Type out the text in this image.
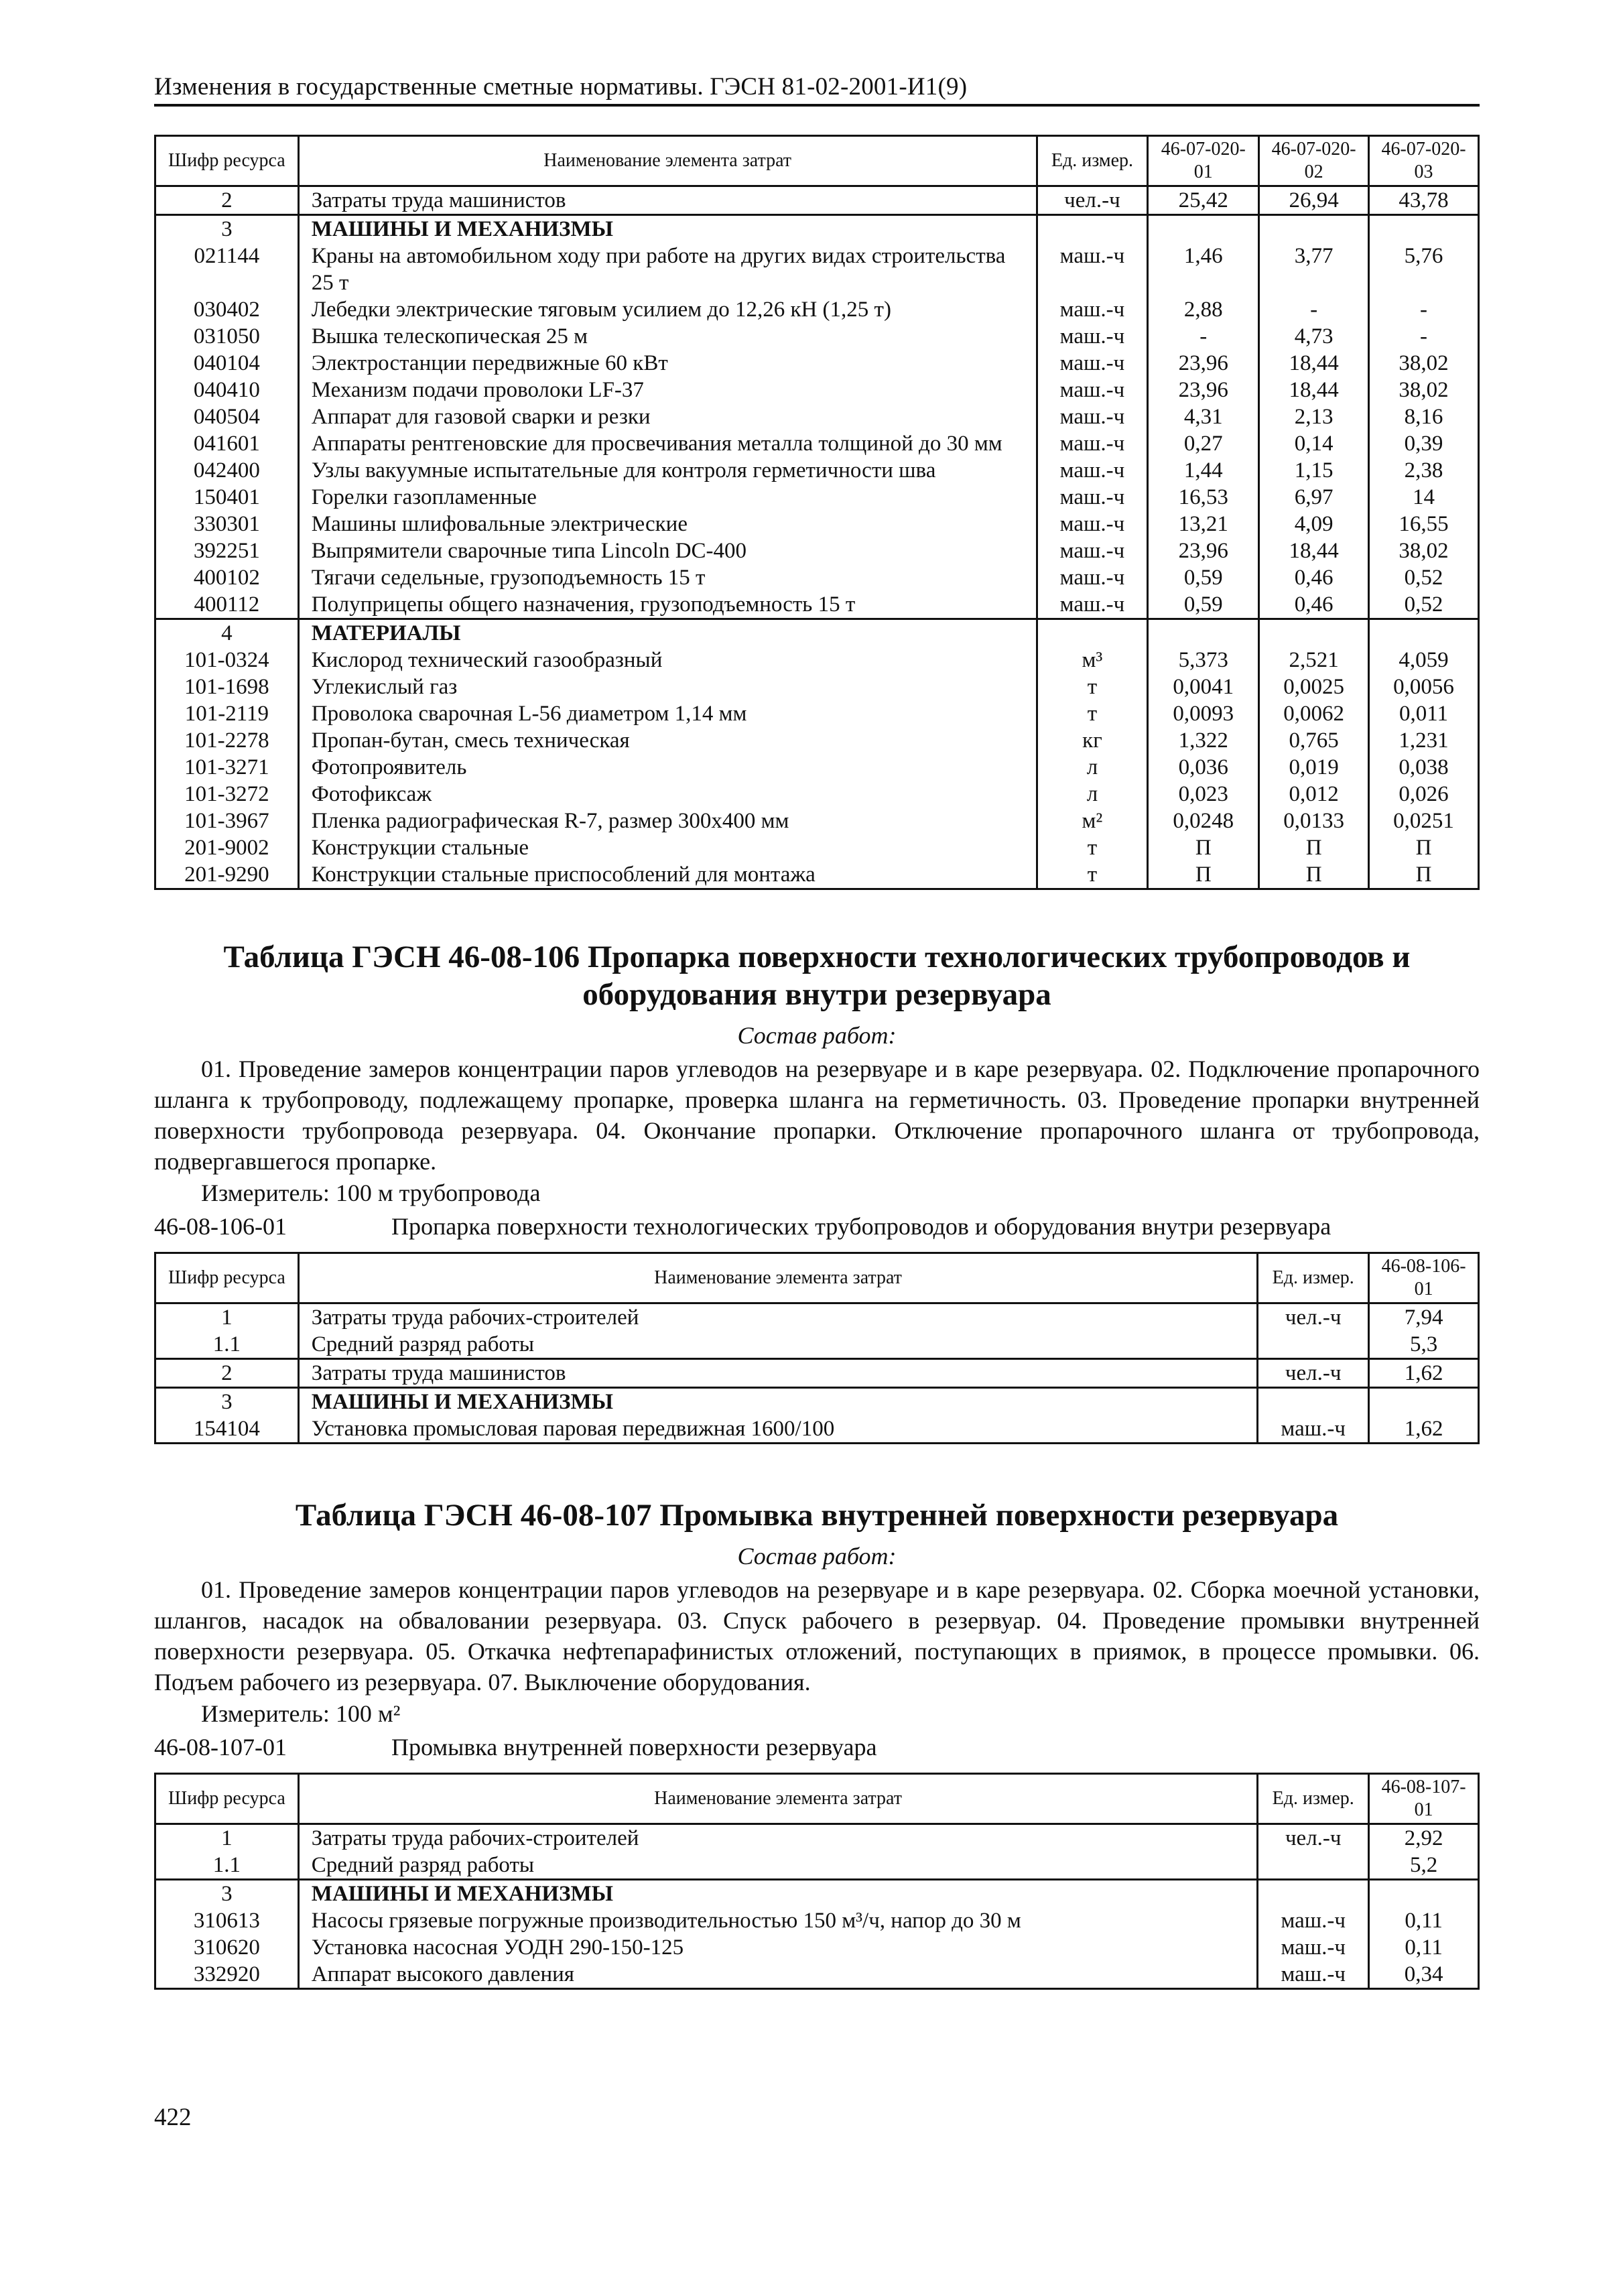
Изменения в государственные сметные нормативы. ГЭСН 81-02-2001-И1(9)
Шифр ресурса	Наименование элемента затрат	Ед. измер.	46-07-020-01	46-07-020-02	46-07-020-03
2	Затраты труда машинистов	чел.-ч	25,42	26,94	43,78
3	МАШИНЫ И МЕХАНИЗМЫ				
021144	Краны на автомобильном ходу при работе на других видах строительства 25 т	маш.-ч	1,46	3,77	5,76
030402	Лебедки электрические тяговым усилием до 12,26 кН (1,25 т)	маш.-ч	2,88	-	-
031050	Вышка телескопическая 25 м	маш.-ч	-	4,73	-
040104	Электростанции передвижные 60 кВт	маш.-ч	23,96	18,44	38,02
040410	Механизм подачи проволоки LF-37	маш.-ч	23,96	18,44	38,02
040504	Аппарат для газовой сварки и резки	маш.-ч	4,31	2,13	8,16
041601	Аппараты рентгеновские для просвечивания металла толщиной до 30 мм	маш.-ч	0,27	0,14	0,39
042400	Узлы вакуумные испытательные для контроля герметичности шва	маш.-ч	1,44	1,15	2,38
150401	Горелки газопламенные	маш.-ч	16,53	6,97	14
330301	Машины шлифовальные электрические	маш.-ч	13,21	4,09	16,55
392251	Выпрямители сварочные типа Lincoln DC-400	маш.-ч	23,96	18,44	38,02
400102	Тягачи седельные, грузоподъемность 15 т	маш.-ч	0,59	0,46	0,52
400112	Полуприцепы общего назначения, грузоподъемность 15 т	маш.-ч	0,59	0,46	0,52
4	МАТЕРИАЛЫ				
101-0324	Кислород технический газообразный	м³	5,373	2,521	4,059
101-1698	Углекислый газ	т	0,0041	0,0025	0,0056
101-2119	Проволока сварочная L-56 диаметром 1,14 мм	т	0,0093	0,0062	0,011
101-2278	Пропан-бутан, смесь техническая	кг	1,322	0,765	1,231
101-3271	Фотопроявитель	л	0,036	0,019	0,038
101-3272	Фотофиксаж	л	0,023	0,012	0,026
101-3967	Пленка радиографическая R-7, размер 300х400 мм	м²	0,0248	0,0133	0,0251
201-9002	Конструкции стальные	т	П	П	П
201-9290	Конструкции стальные приспособлений для монтажа	т	П	П	П
Таблица ГЭСН 46-08-106 Пропарка поверхности технологических трубопроводов и оборудования внутри резервуара
Состав работ:
01. Проведение замеров концентрации паров углеводов на резервуаре и в каре резервуара. 02. Подключение пропарочного шланга к трубопроводу, подлежащему пропарке, проверка шланга на герметичность. 03. Проведение пропарки внутренней поверхности трубопровода резервуара. 04. Окончание пропарки. Отключение пропарочного шланга от трубопровода, подвергавшегося пропарке.
Измеритель: 100 м трубопровода
46-08-106-01	Пропарка поверхности технологических трубопроводов и оборудования внутри резервуара
Шифр ресурса	Наименование элемента затрат	Ед. измер.	46-08-106-01
1	Затраты труда рабочих-строителей	чел.-ч	7,94
1.1	Средний разряд работы		5,3
2	Затраты труда машинистов	чел.-ч	1,62
3	МАШИНЫ И МЕХАНИЗМЫ		
154104	Установка промысловая паровая передвижная 1600/100	маш.-ч	1,62
Таблица ГЭСН 46-08-107 Промывка внутренней поверхности резервуара
Состав работ:
01. Проведение замеров концентрации паров углеводов на резервуаре и в каре резервуара. 02. Сборка моечной установки, шлангов, насадок на обваловании резервуара. 03. Спуск рабочего в резервуар. 04. Проведение промывки внутренней поверхности резервуара. 05. Откачка нефтепарафинистых отложений, поступающих в приямок, в процессе промывки. 06. Подъем рабочего из резервуара. 07. Выключение оборудования.
Измеритель: 100 м²
46-08-107-01	Промывка внутренней поверхности резервуара
Шифр ресурса	Наименование элемента затрат	Ед. измер.	46-08-107-01
1	Затраты труда рабочих-строителей	чел.-ч	2,92
1.1	Средний разряд работы		5,2
3	МАШИНЫ И МЕХАНИЗМЫ		
310613	Насосы грязевые погружные производительностью 150 м³/ч, напор до 30 м	маш.-ч	0,11
310620	Установка насосная УОДН 290-150-125	маш.-ч	0,11
332920	Аппарат высокого давления	маш.-ч	0,34
422
